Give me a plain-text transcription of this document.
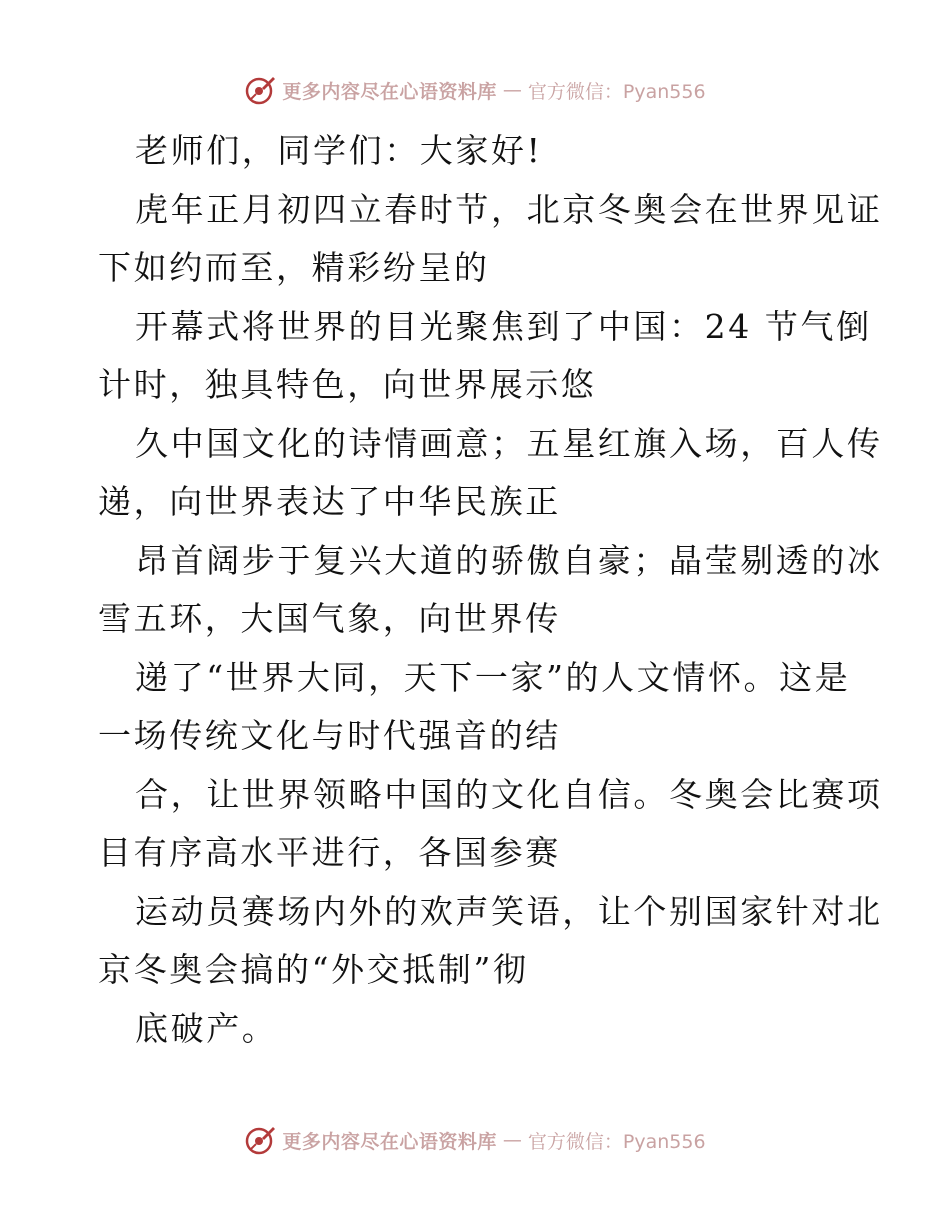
更多内容尽在心语资料库 — 官方微信：Pyan556
老师们，同学们：大家好!
虎年正月初四立春时节，北京冬奥会在世界见证
下如约而至，精彩纷呈的
开幕式将世界的目光聚焦到了中国：24 节气倒
计时，独具特色，向世界展示悠
久中国文化的诗情画意；五星红旗入场，百人传
递，向世界表达了中华民族正
昂首阔步于复兴大道的骄傲自豪；晶莹剔透的冰
雪五环，大国气象，向世界传
递了“世界大同，天下一家”的人文情怀。这是
一场传统文化与时代强音的结
合，让世界领略中国的文化自信。冬奥会比赛项
目有序高水平进行，各国参赛
运动员赛场内外的欢声笑语，让个别国家针对北
京冬奥会搞的“外交抵制”彻
底破产。
更多内容尽在心语资料库 — 官方微信：Pyan556
